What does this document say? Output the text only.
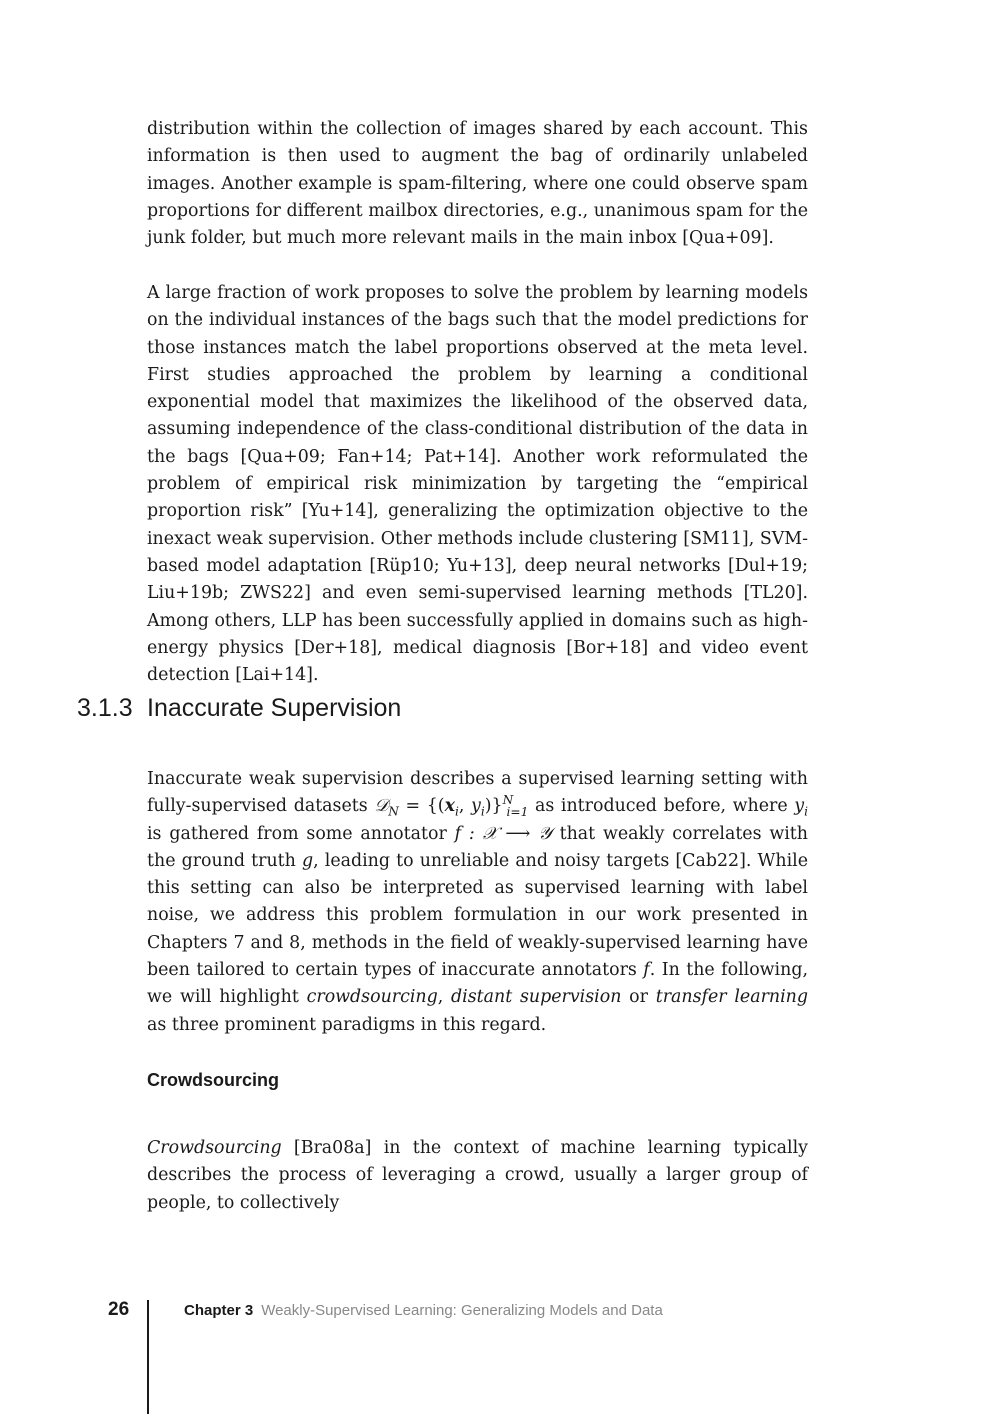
distribution within the collection of images shared by each account. This information is then used to augment the bag of ordinarily unlabeled images. Another example is spam-filtering, where one could observe spam proportions for different mailbox directories, e.g., unanimous spam for the junk folder, but much more relevant mails in the main inbox [Qua+09].

A large fraction of work proposes to solve the problem by learning models on the individual instances of the bags such that the model predictions for those instances match the label proportions observed at the meta level. First studies approached the problem by learning a conditional exponential model that maximizes the likelihood of the observed data, assuming independence of the class-conditional distribution of the data in the bags [Qua+09; Fan+14; Pat+14]. Another work reformulated the problem of empirical risk minimization by targeting the “empirical proportion risk” [Yu+14], generalizing the optimization objective to the inexact weak supervision. Other methods include clustering [SM11], SVM-based model adaptation [Rüp10; Yu+13], deep neural networks [Dul+19; Liu+19b; ZWS22] and even semi-supervised learning methods [TL20]. Among others, LLP has been successfully applied in domains such as high-energy physics [Der+18], medical diagnosis [Bor+18] and video event detection [Lai+14].

3.1.3 Inaccurate Supervision

Inaccurate weak supervision describes a supervised learning setting with fully-supervised datasets 𝒟$_N$ = {(𝒙$_i$, $y_i)\}^N_{i=1}$ as introduced before, where $y_i$ is gathered from some annotator f : 𝒳 ⟶ 𝒴 that weakly correlates with the ground truth g, leading to unreliable and noisy targets [Cab22]. While this setting can also be interpreted as supervised learning with label noise, we address this problem formulation in our work presented in Chapters 7 and 8, methods in the field of weakly-supervised learning have been tailored to certain types of inaccurate annotators f. In the following, we will highlight crowdsourcing, distant supervision or transfer learning as three prominent paradigms in this regard.

Crowdsourcing

Crowdsourcing [Bra08a] in the context of machine learning typically describes the process of leveraging a crowd, usually a larger group of people, to collectively

26	Chapter 3 Weakly-Supervised Learning: Generalizing Models and Data
